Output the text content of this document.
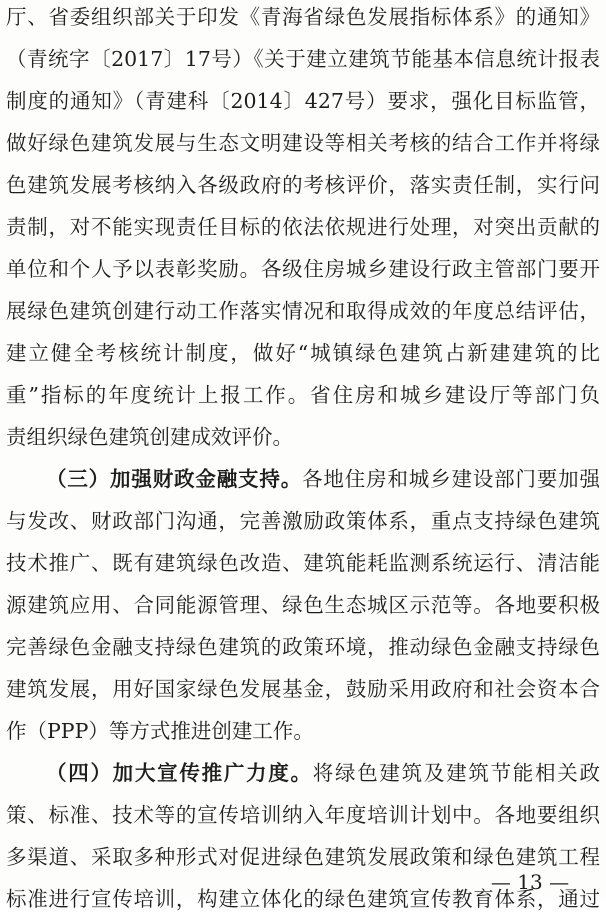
厅、省委组织部关于印发《青海省绿色发展指标体系》的通知》
（青统字〔2017〕17号）《关于建立建筑节能基本信息统计报表
制度的通知》（青建科〔2014〕427号）要求，强化目标监管，
做好绿色建筑发展与生态文明建设等相关考核的结合工作并将绿
色建筑发展考核纳入各级政府的考核评价，落实责任制，实行问
责制，对不能实现责任目标的依法依规进行处理，对突出贡献的
单位和个人予以表彰奖励。各级住房城乡建设行政主管部门要开
展绿色建筑创建行动工作落实情况和取得成效的年度总结评估，
建立健全考核统计制度，做好“城镇绿色建筑占新建建筑的比
重”指标的年度统计上报工作。省住房和城乡建设厅等部门负
责组织绿色建筑创建成效评价。
（三）加强财政金融支持。各地住房和城乡建设部门要加强
与发改、财政部门沟通，完善激励政策体系，重点支持绿色建筑
技术推广、既有建筑绿色改造、建筑能耗监测系统运行、清洁能
源建筑应用、合同能源管理、绿色生态城区示范等。各地要积极
完善绿色金融支持绿色建筑的政策环境，推动绿色金融支持绿色
建筑发展，用好国家绿色发展基金，鼓励采用政府和社会资本合
作（PPP）等方式推进创建工作。
（四）加大宣传推广力度。将绿色建筑及建筑节能相关政
策、标准、技术等的宣传培训纳入年度培训计划中。各地要组织
多渠道、采取多种形式对促进绿色建筑发展政策和绿色建筑工程
标准进行宣传培训，构建立体化的绿色建筑宣传教育体系，通过
— 13 —
